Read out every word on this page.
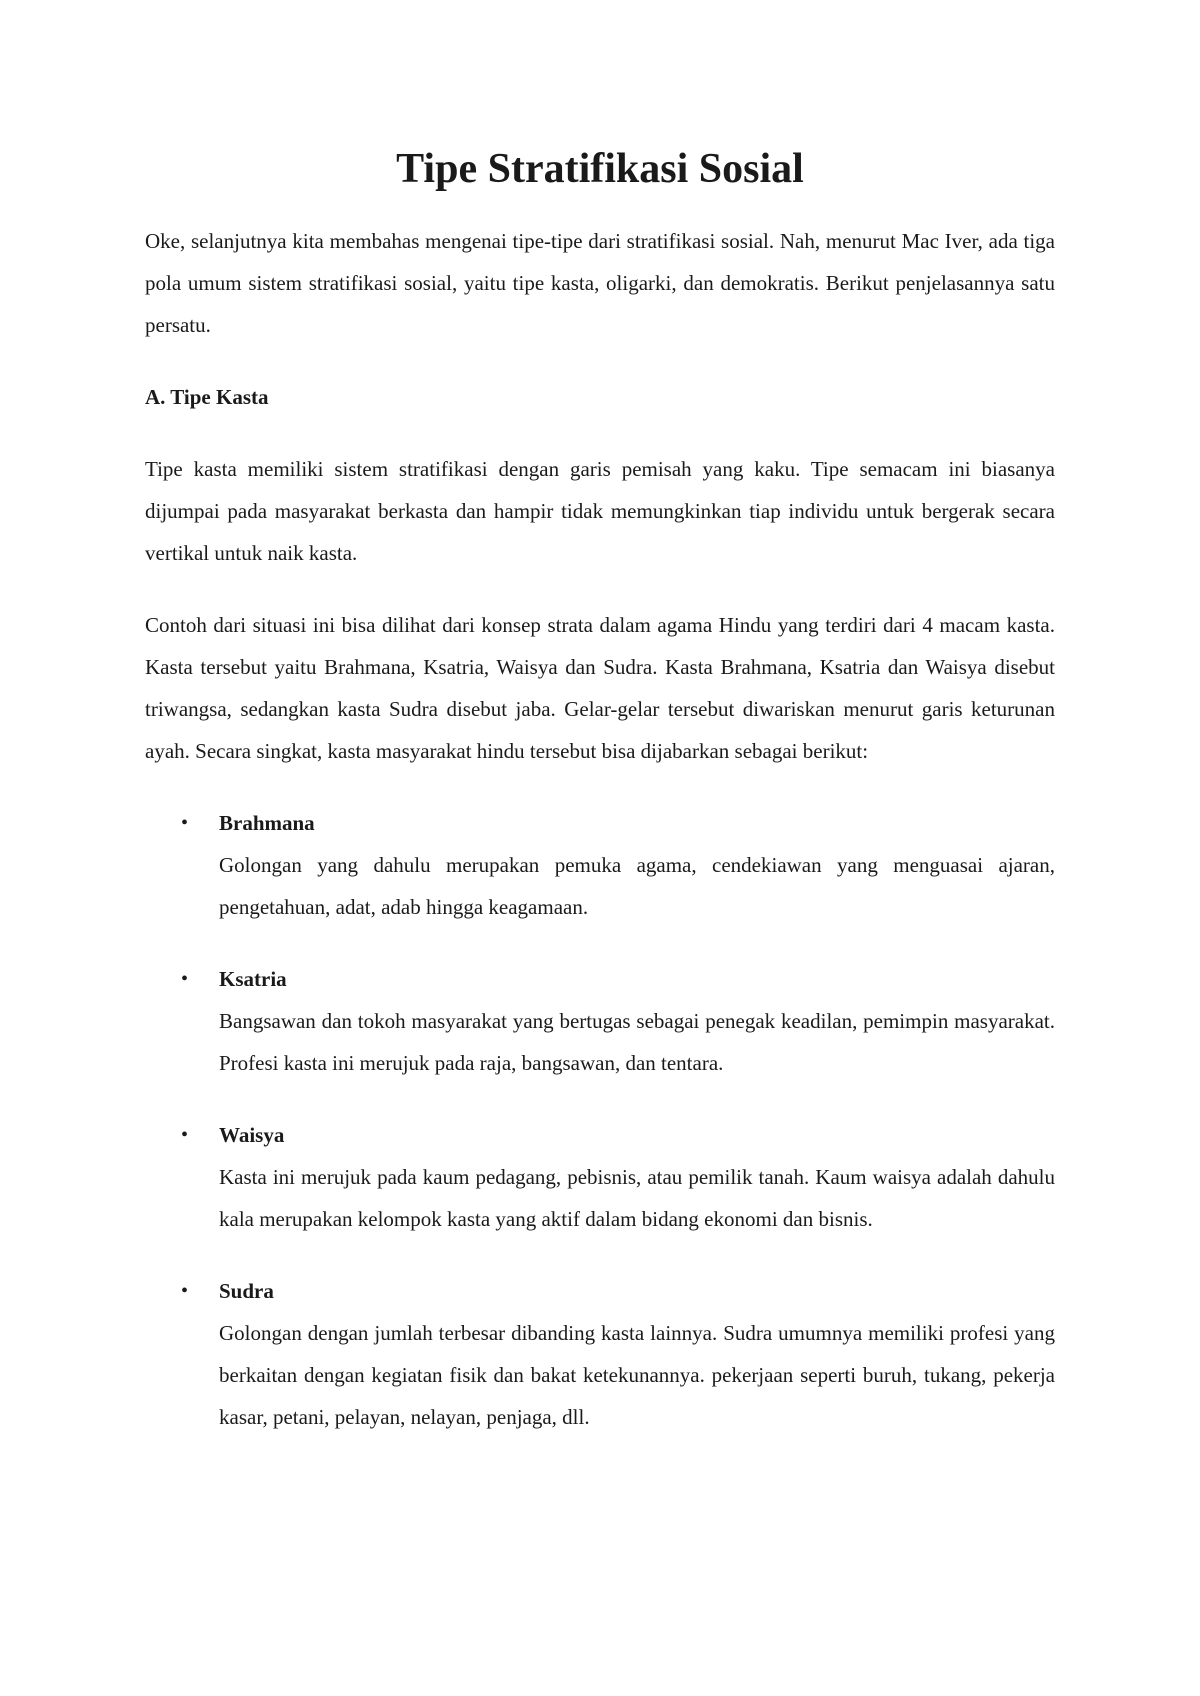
Tipe Stratifikasi Sosial

Oke, selanjutnya kita membahas mengenai tipe-tipe dari stratifikasi sosial. Nah, menurut Mac Iver, ada tiga pola umum sistem stratifikasi sosial, yaitu tipe kasta, oligarki, dan demokratis. Berikut penjelasannya satu persatu.

A. Tipe Kasta

Tipe kasta memiliki sistem stratifikasi dengan garis pemisah yang kaku. Tipe semacam ini biasanya dijumpai pada masyarakat berkasta dan hampir tidak memungkinkan tiap individu untuk bergerak secara vertikal untuk naik kasta.

Contoh dari situasi ini bisa dilihat dari konsep strata dalam agama Hindu yang terdiri dari 4 macam kasta. Kasta tersebut yaitu Brahmana, Ksatria, Waisya dan Sudra. Kasta Brahmana, Ksatria dan Waisya disebut triwangsa, sedangkan kasta Sudra disebut jaba. Gelar-gelar tersebut diwariskan menurut garis keturunan ayah. Secara singkat, kasta masyarakat hindu tersebut bisa dijabarkan sebagai berikut:

• Brahmana
Golongan yang dahulu merupakan pemuka agama, cendekiawan yang menguasai ajaran, pengetahuan, adat, adab hingga keagamaan.
• Ksatria
Bangsawan dan tokoh masyarakat yang bertugas sebagai penegak keadilan, pemimpin masyarakat. Profesi kasta ini merujuk pada raja, bangsawan, dan tentara.
• Waisya
Kasta ini merujuk pada kaum pedagang, pebisnis, atau pemilik tanah. Kaum waisya adalah dahulu kala merupakan kelompok kasta yang aktif dalam bidang ekonomi dan bisnis.
• Sudra
Golongan dengan jumlah terbesar dibanding kasta lainnya. Sudra umumnya memiliki profesi yang berkaitan dengan kegiatan fisik dan bakat ketekunannya. pekerjaan seperti buruh, tukang, pekerja kasar, petani, pelayan, nelayan, penjaga, dll.
